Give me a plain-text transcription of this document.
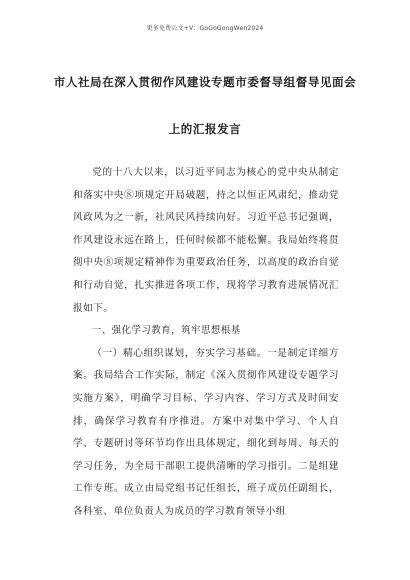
更多免费公文+V：GoGoGongWen2024
市人社局在深入贯彻作风建设专题市委督导组督导见面会
上的汇报发言

党的十八大以来，以习近平同志为核心的党中央从制定和落实中央⑧项规定开局破题，持之以恒正风肃纪，推动党风政风为之一新，社风民风持续向好。习近平总书记强调，作风建设永远在路上，任何时候都不能松懈。我局始终将贯彻中央⑧项规定精神作为重要政治任务，以高度的政治自觉和行动自觉，扎实推进各项工作，现将学习教育进展情况汇报如下。

一、强化学习教育，筑牢思想根基

（一）精心组织谋划，夯实学习基础。一是制定详细方案。我局结合工作实际，制定《深入贯彻作风建设专题学习实施方案》，明确学习目标、学习内容、学习方式及时间安排，确保学习教育有序推进。方案中对集中学习、个人自学、专题研讨等环节均作出具体规定，细化到每周、每天的学习任务，为全局干部职工提供清晰的学习指引。二是组建工作专班。成立由局党组书记任组长，班子成员任副组长，各科室、单位负责人为成员的学习教育领导小组
